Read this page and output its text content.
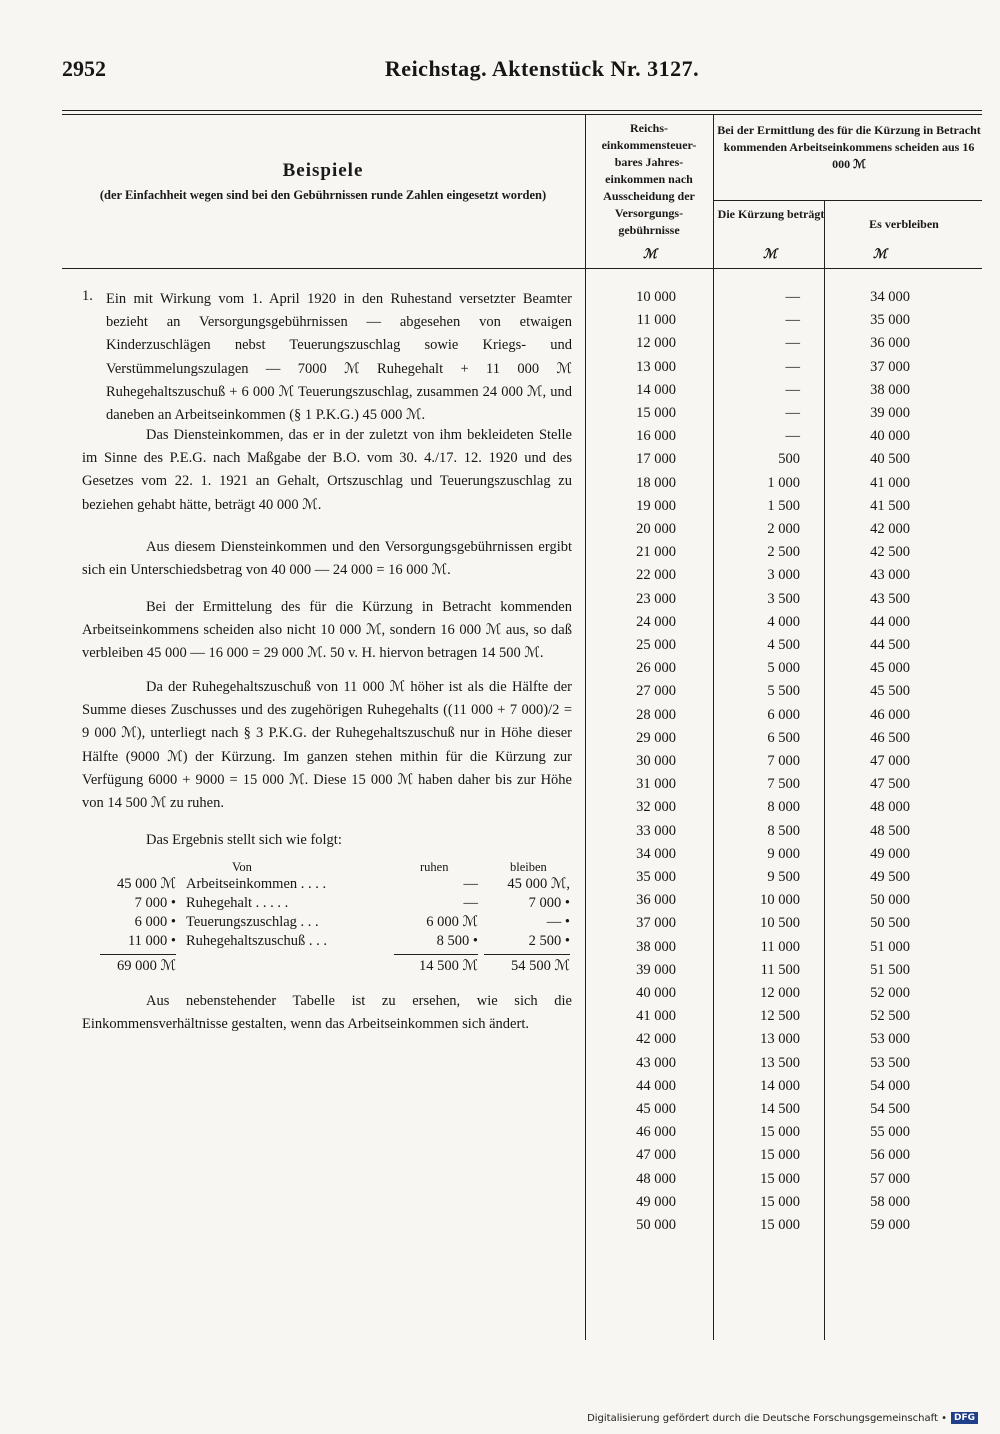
2952	Reichstag. Aktenstück Nr. 3127.
Beispiele
(der Einfachheit wegen sind bei den Gebührnissen runde Zahlen eingesetzt worden)
Reichs-einkommensteuer-bares Jahres-einkommen nach Ausscheidung der Versorgungs-gebührnisse
Bei der Ermittlung des für die Kürzung in Betracht kommenden Arbeitseinkommens scheiden aus 16 000 ℳ
Die Kürzung beträgt
Es verbleiben
ℳ	ℳ	ℳ
1. Ein mit Wirkung vom 1. April 1920 in den Ruhestand versetzter Beamter bezieht an Versorgungsgebührnissen — abgesehen von etwaigen Kinderzuschlägen nebst Teuerungszuschlag sowie Kriegs- und Verstümmelungszulagen — 7000 ℳ Ruhegehalt + 11 000 ℳ Ruhegehaltszuschuß + 6 000 ℳ Teuerungszuschlag, zusammen 24 000 ℳ, und daneben an Arbeitseinkommen (§ 1 P.K.G.) 45 000 ℳ.

Das Diensteinkommen, das er in der zuletzt von ihm bekleideten Stelle im Sinne des P.E.G. nach Maßgabe der B.O. vom 30. 4./17. 12. 1920 und des Gesetzes vom 22. 1. 1921 an Gehalt, Ortszuschlag und Teuerungszuschlag zu beziehen gehabt hätte, beträgt 40 000 ℳ.

Aus diesem Diensteinkommen und den Versorgungsgebührnissen ergibt sich ein Unterschiedsbetrag von 40 000 — 24 000 = 16 000 ℳ.

Bei der Ermittelung des für die Kürzung in Betracht kommenden Arbeitseinkommens scheiden also nicht 10 000 ℳ, sondern 16 000 ℳ aus, so daß verbleiben 45 000 — 16 000 = 29 000 ℳ. 50 v. H. hiervon betragen 14 500 ℳ.

Da der Ruhegehaltszuschuß von 11 000 ℳ höher ist als die Hälfte der Summe dieses Zuschusses und des zugehörigen Ruhegehalts ((11 000 + 7 000)/2 = 9 000 ℳ), unterliegt nach § 3 P.K.G. der Ruhegehaltszuschuß nur in Höhe dieser Hälfte (9000 ℳ) der Kürzung. Im ganzen stehen mithin für die Kürzung zur Verfügung 6000 + 9000 = 15 000 ℳ. Diese 15 000 ℳ haben daher bis zur Höhe von 14 500 ℳ zu ruhen.

Das Ergebnis stellt sich wie folgt:
Von	ruhen	bleiben
45 000 ℳ Arbeitseinkommen . . . .	—	45 000 ℳ,
7 000 • Ruhegehalt . . . . .	—	7 000 •
6 000 • Teuerungszuschlag . . .	6 000 ℳ	— •
11 000 • Ruhegehaltszuschuß . . .	8 500 •	2 500 •
69 000 ℳ	14 500 ℳ	54 500 ℳ

Aus nebenstehender Tabelle ist zu ersehen, wie sich die Einkommensverhältnisse gestalten, wenn das Arbeitseinkommen sich ändert.

10 000	—	34 000
11 000	—	35 000
12 000	—	36 000
13 000	—	37 000
14 000	—	38 000
15 000	—	39 000
16 000	—	40 000
17 000	500	40 500
18 000	1 000	41 000
19 000	1 500	41 500
20 000	2 000	42 000
21 000	2 500	42 500
22 000	3 000	43 000
23 000	3 500	43 500
24 000	4 000	44 000
25 000	4 500	44 500
26 000	5 000	45 000
27 000	5 500	45 500
28 000	6 000	46 000
29 000	6 500	46 500
30 000	7 000	47 000
31 000	7 500	47 500
32 000	8 000	48 000
33 000	8 500	48 500
34 000	9 000	49 000
35 000	9 500	49 500
36 000	10 000	50 000
37 000	10 500	50 500
38 000	11 000	51 000
39 000	11 500	51 500
40 000	12 000	52 000
41 000	12 500	52 500
42 000	13 000	53 000
43 000	13 500	53 500
44 000	14 000	54 000
45 000	14 500	54 500
46 000	15 000	55 000
47 000	15 000	56 000
48 000	15 000	57 000
49 000	15 000	58 000
50 000	15 000	59 000
Digitalisierung gefördert durch die Deutsche Forschungsgemeinschaft • DFG
